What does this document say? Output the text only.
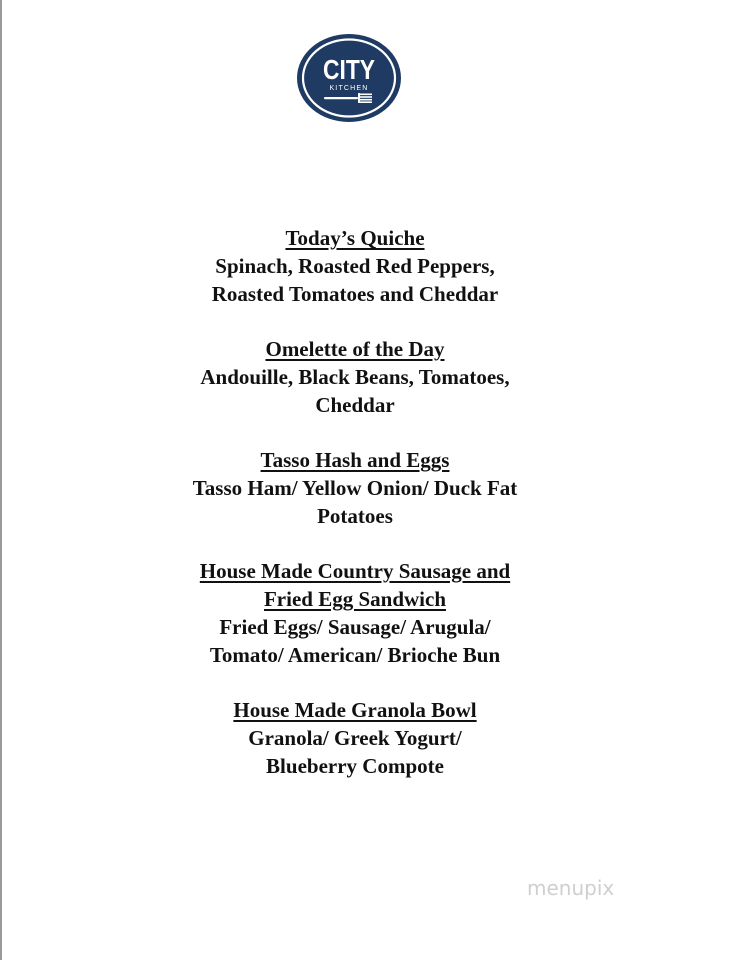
CITY
KITCHEN

Today’s Quiche

Spinach, Roasted Red Peppers,

Roasted Tomatoes and Cheddar

Omelette of the Day

Andouille, Black Beans, Tomatoes,

Cheddar

Tasso Hash and Eggs

Tasso Ham/ Yellow Onion/ Duck Fat

Potatoes

House Made Country Sausage and

Fried Egg Sandwich

Fried Eggs/ Sausage/ Arugula/

Tomato/ American/ Brioche Bun

House Made Granola Bowl

Granola/ Greek Yogurt/

Blueberry Compote

menupix
